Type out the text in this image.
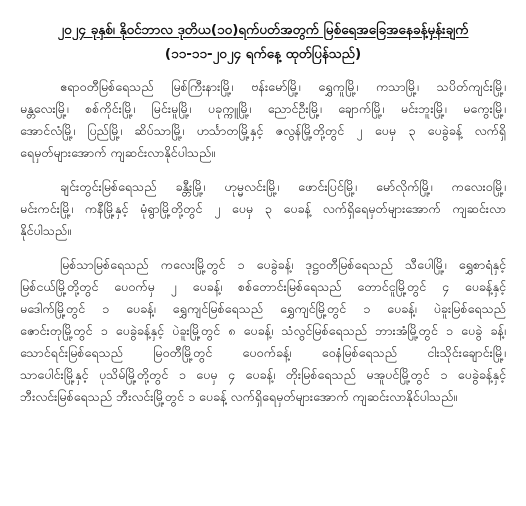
၂၀၂၄ ခုနှစ်၊ နိုဝင်ဘာလ ဒုတိယ(၁၀)ရက်ပတ်အတွက် မြစ်ရေအခြေအနေခန့်မှန်းချက်
(၁၁-၁၁-၂၀၂၄ ရက်နေ့ ထုတ်ပြန်သည်)
ဧရာဝတီမြစ်ရေသည် မြစ်ကြီးနားမြို့၊ ဗန်းမော်မြို့၊ ရွှေကူမြို့၊ ကသာမြို့၊ သပိတ်ကျင်းမြို့၊
မန္တလေးမြို့၊ စစ်ကိုင်းမြို့၊ မြင်းမူမြို့၊ ပခုက္ကူမြို့၊ ညောင်ဦးမြို့၊ ချောက်မြို့၊ မင်းဘူးမြို့၊ မကွေးမြို့၊
အောင်လံမြို့၊ ပြည်မြို့၊ ဆိပ်သာမြို့၊ ဟင်္သာတမြို့နှင့် ဇလွန်မြို့တို့တွင် ၂ ပေမှ ၃ ပေခွဲခန့် လက်ရှိ
ရေမှတ်များအောက် ကျဆင်းလာနိုင်ပါသည်။
ချင်းတွင်းမြစ်ရေသည် ခန္တီးမြို့၊ ဟုမ္မလင်းမြို့၊ ဖောင်းပြင်မြို့၊ မော်လိုက်မြို့၊ ကလေးဝမြို့၊
မင်းကင်းမြို့၊ ကနီမြို့နှင့် မုံရွာမြို့တို့တွင် ၂ ပေမှ ၃ ပေခန့် လက်ရှိရေမှတ်များအောက် ကျဆင်းလာ
နိုင်ပါသည်။
မြစ်သာမြစ်ရေသည် ကလေးမြို့တွင် ၁ ပေခွဲခန့်၊ ဒုဋ္ဌဝတီမြစ်ရေသည် သီပေါမြို့၊ ရွှေစာရံနှင့်
မြစ်ငယ်မြို့တို့တွင် ပေဝက်မှ ၂ ပေခန့်၊ စစ်တောင်းမြစ်ရေသည် တောင်ငူမြို့တွင် ၄ ပေခန့်နှင့်
မဒေါက်မြို့တွင် ၁ ပေခန့်၊ ရွှေကျင်မြစ်ရေသည် ရွှေကျင်မြို့တွင် ၁ ပေခန့်၊ ပဲခူးမြစ်ရေသည်
ဇောင်းတုမြို့တွင် ၁ ပေခွဲခန့်နှင့် ပဲခူးမြို့တွင် ၈ ပေခန့်၊ သံလွင်မြစ်ရေသည် ဘားအံမြို့တွင် ၁ ပေခွဲ ခန့်၊
သောင်ရင်းမြစ်ရေသည် မြဝတီမြို့တွင် ပေဝက်ခန့်၊ ဝေနံမြစ်ရေသည် ငါးသိုင်းချောင်းမြို့၊
သာပေါင်းမြို့နှင့် ပုသိမ်မြို့တို့တွင် ၁ ပေမှ ၄ ပေခန့်၊ တိုးမြစ်ရေသည် မအူပင်မြို့တွင် ၁ ပေခွဲခန့်နှင့်
ဘီးလင်းမြစ်ရေသည် ဘီးလင်းမြို့တွင် ၁ ပေခန့် လက်ရှိရေမှတ်များအောက် ကျဆင်းလာနိုင်ပါသည်။
